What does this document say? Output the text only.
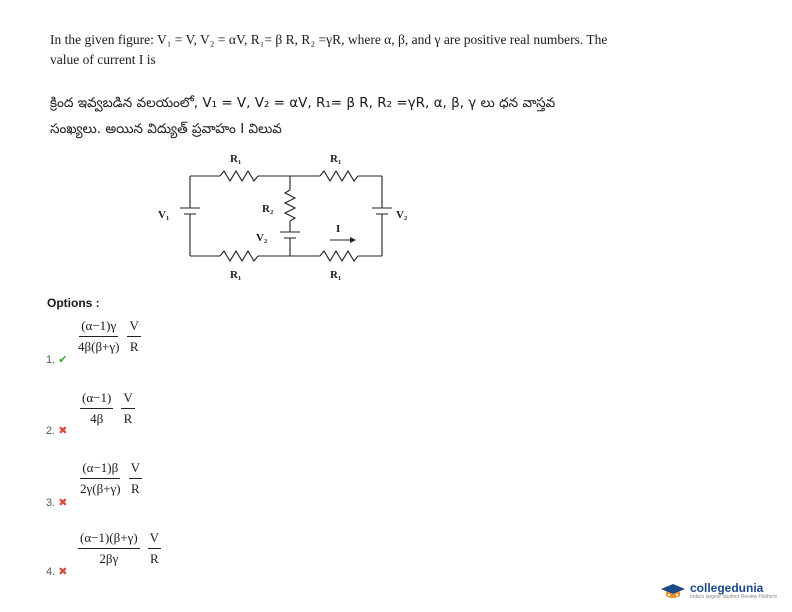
In the given figure: V₁ = V, V₂ = αV, R₁= β R, R₂ =γR, where α, β, and γ are positive real numbers. The value of current I is
క్రింద ఇవ్వబడిన వలయంలో, V₁ = V, V₂ = αV, R₁= β R, R₂ =γR, α, β, γ లు ధన వాస్తవ సంఖ్యలు. అయిన విద్యుత్ ప్రవాహం I విలువ
R₁	R₁
R₂
V₁
V₂
V₂
I
R₁	R₁
Options :
$\frac{(\alpha-1)\gamma}{4\beta(\beta+\gamma)}$ V
R
1. ✔
$\frac{(\alpha-1)}{4\beta}$ V
R
2. ✖
$\frac{(\alpha-1)\beta}{2\gamma(\beta+\gamma)}$ V
R
3. ✖
$\frac{(\alpha-1)(\beta+\gamma)}{2\beta\gamma}$ V
R
4. ✖
collegedunia
India's largest Student Review Platform
